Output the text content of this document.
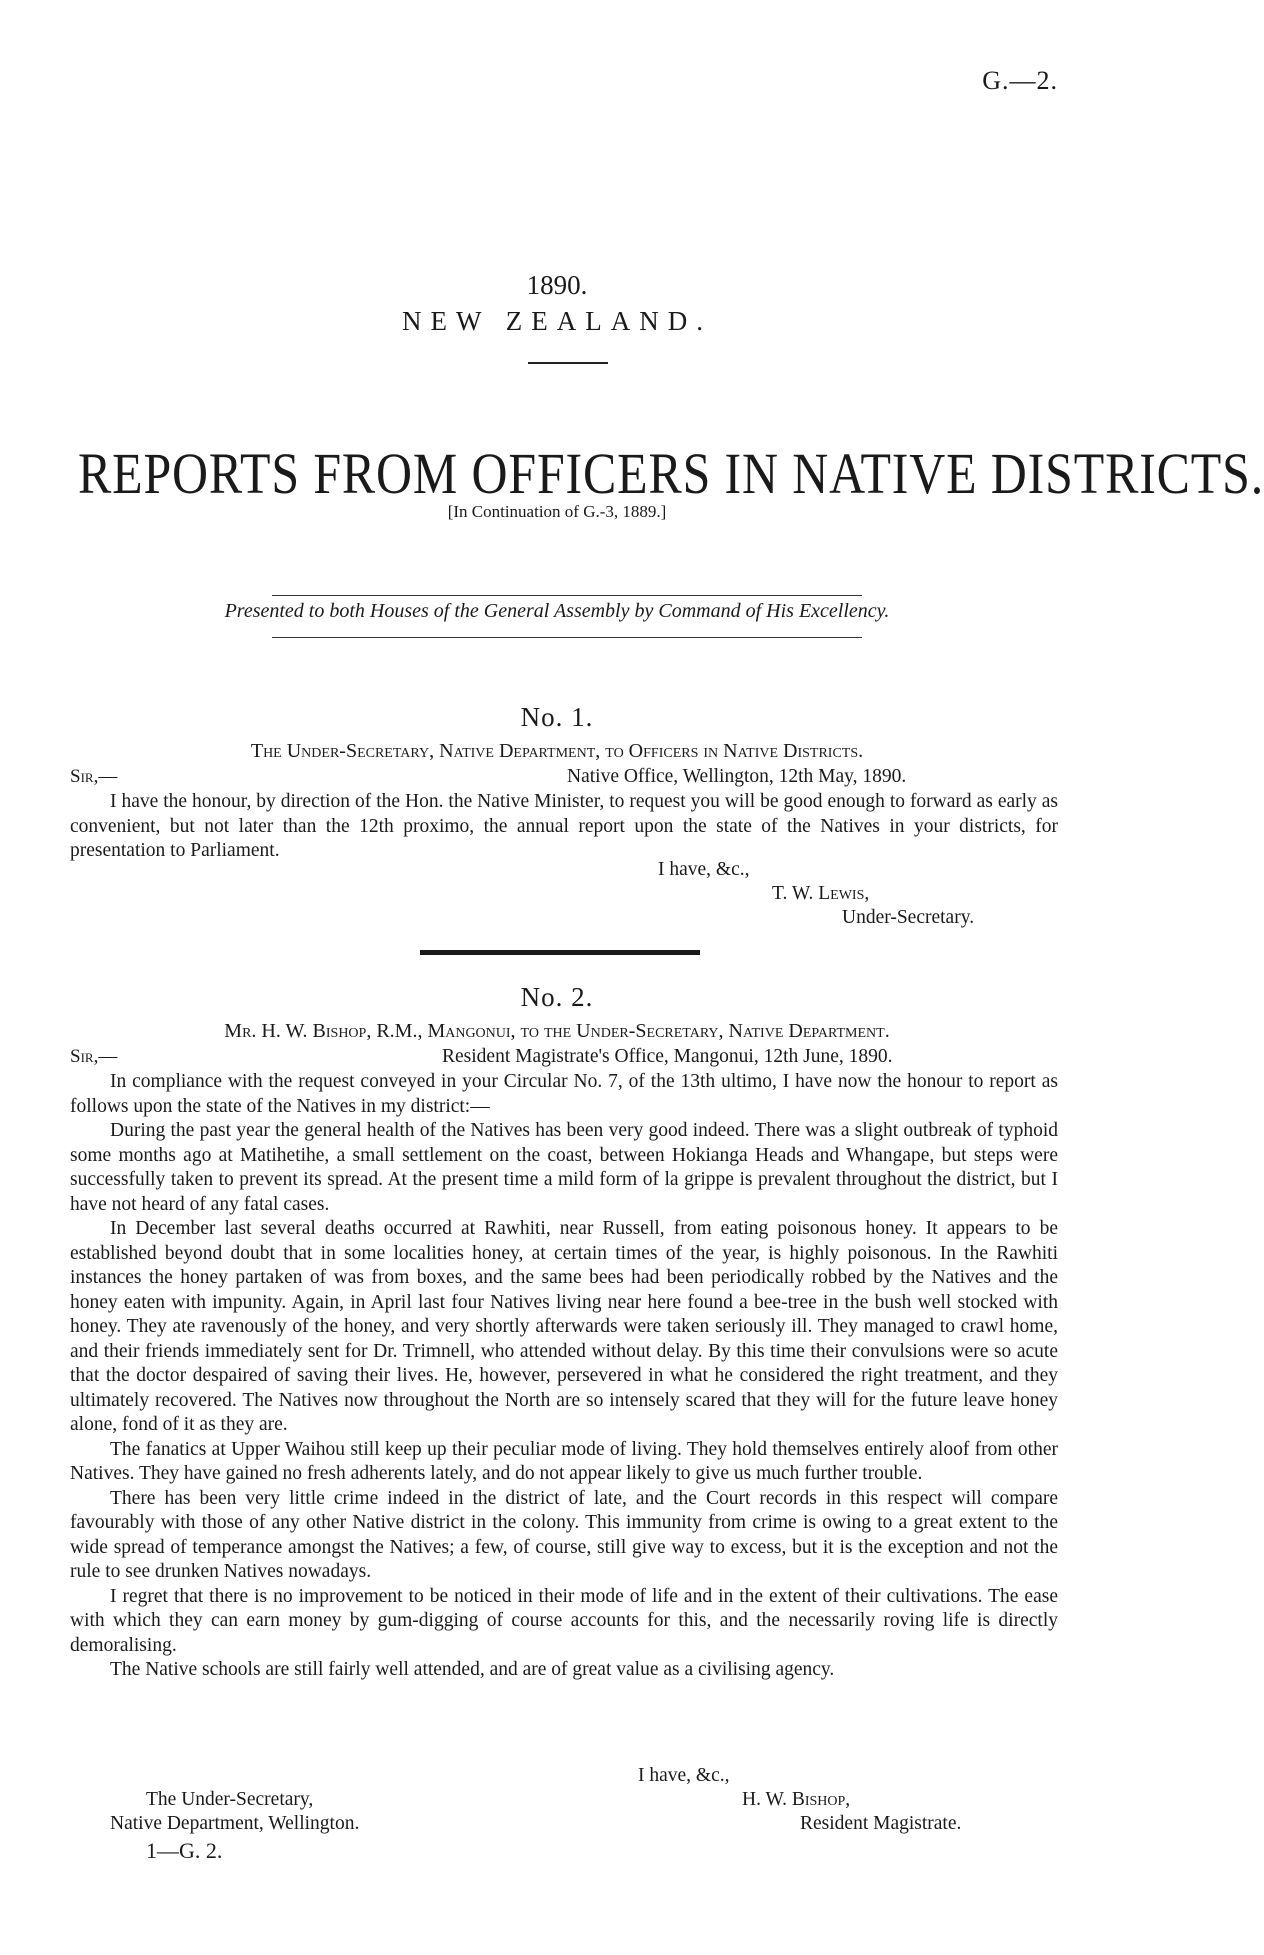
G.—2.
1890.
NEW ZEALAND.
REPORTS FROM OFFICERS IN NATIVE DISTRICTS.
[In Continuation of G.-3, 1889.]
Presented to both Houses of the General Assembly by Command of His Excellency.
No. 1.
The Under-Secretary, Native Department, to Officers in Native Districts.
Sir,—	Native Office, Wellington, 12th May, 1890.

I have the honour, by direction of the Hon. the Native Minister, to request you will be good enough to forward as early as convenient, but not later than the 12th proximo, the annual report upon the state of the Natives in your districts, for presentation to Parliament.

I have, &c.,
T. W. Lewis,
Under-Secretary.
No. 2.
Mr. H. W. Bishop, R.M., Mangonui, to the Under-Secretary, Native Department.
Sir,—	Resident Magistrate's Office, Mangonui, 12th June, 1890.

In compliance with the request conveyed in your Circular No. 7, of the 13th ultimo, I have now the honour to report as follows upon the state of the Natives in my district:—

During the past year the general health of the Natives has been very good indeed. There was a slight outbreak of typhoid some months ago at Matihetihe, a small settlement on the coast, between Hokianga Heads and Whangape, but steps were successfully taken to prevent its spread. At the present time a mild form of la grippe is prevalent throughout the district, but I have not heard of any fatal cases.

In December last several deaths occurred at Rawhiti, near Russell, from eating poisonous honey. It appears to be established beyond doubt that in some localities honey, at certain times of the year, is highly poisonous. In the Rawhiti instances the honey partaken of was from boxes, and the same bees had been periodically robbed by the Natives and the honey eaten with impunity. Again, in April last four Natives living near here found a bee-tree in the bush well stocked with honey. They ate ravenously of the honey, and very shortly afterwards were taken seriously ill. They managed to crawl home, and their friends immediately sent for Dr. Trimnell, who attended without delay. By this time their convulsions were so acute that the doctor despaired of saving their lives. He, however, persevered in what he considered the right treatment, and they ultimately recovered. The Natives now throughout the North are so intensely scared that they will for the future leave honey alone, fond of it as they are.

The fanatics at Upper Waihou still keep up their peculiar mode of living. They hold themselves entirely aloof from other Natives. They have gained no fresh adherents lately, and do not appear likely to give us much further trouble.

There has been very little crime indeed in the district of late, and the Court records in this respect will compare favourably with those of any other Native district in the colony. This immunity from crime is owing to a great extent to the wide spread of temperance amongst the Natives; a few, of course, still give way to excess, but it is the exception and not the rule to see drunken Natives nowadays.

I regret that there is no improvement to be noticed in their mode of life and in the extent of their cultivations. The ease with which they can earn money by gum-digging of course accounts for this, and the necessarily roving life is directly demoralising.

The Native schools are still fairly well attended, and are of great value as a civilising agency.

I have, &c.,
H. W. Bishop,
Resident Magistrate.
The Under-Secretary,
Native Department, Wellington.
1—G. 2.
